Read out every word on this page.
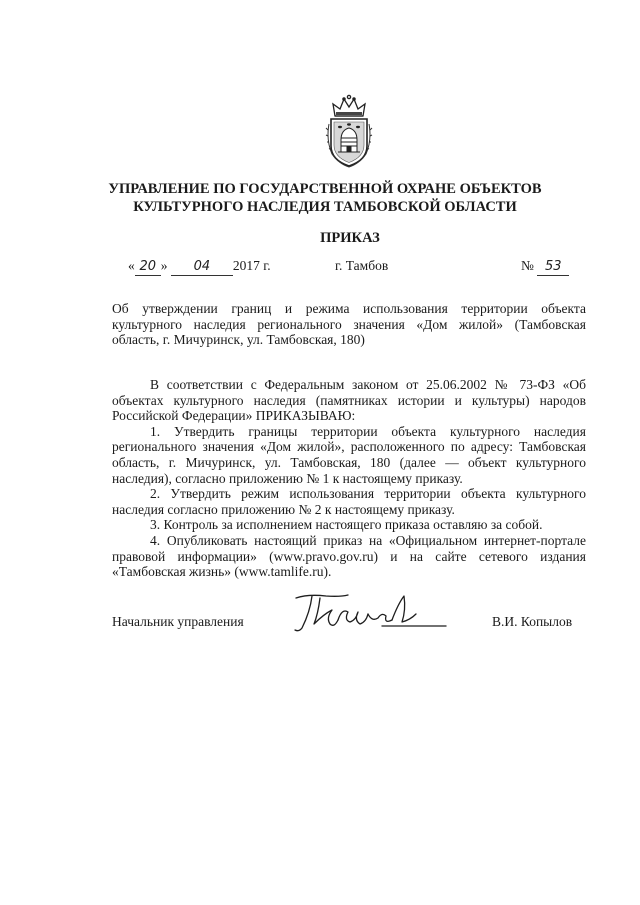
УПРАВЛЕНИЕ ПО ГОСУДАРСТВЕННОЙ ОХРАНЕ ОБЪЕКТОВ
КУЛЬТУРНОГО НАСЛЕДИЯ ТАМБОВСКОЙ ОБЛАСТИ
ПРИКАЗ
« 20 » 04 2017 г.	г. Тамбов	№ 53
Об утверждении границ и режима использования территории объекта культурного наследия регионального значения «Дом жилой» (Тамбовская область, г. Мичуринск, ул. Тамбовская, 180)

В соответствии с Федеральным законом от 25.06.2002 № 73-ФЗ «Об объектах культурного наследия (памятниках истории и культуры) народов Российской Федерации» ПРИКАЗЫВАЮ:

1. Утвердить границы территории объекта культурного наследия регионального значения «Дом жилой», расположенного по адресу: Тамбовская область, г. Мичуринск, ул. Тамбовская, 180 (далее — объект культурного наследия), согласно приложению № 1 к настоящему приказу.

2. Утвердить режим использования территории объекта культурного наследия согласно приложению № 2 к настоящему приказу.

3. Контроль за исполнением настоящего приказа оставляю за собой.

4. Опубликовать настоящий приказ на «Официальном интернет-портале правовой информации» (www.pravo.gov.ru) и на сайте сетевого издания «Тамбовская жизнь» (www.tamlife.ru).

Начальник управления	В.И. Копылов
